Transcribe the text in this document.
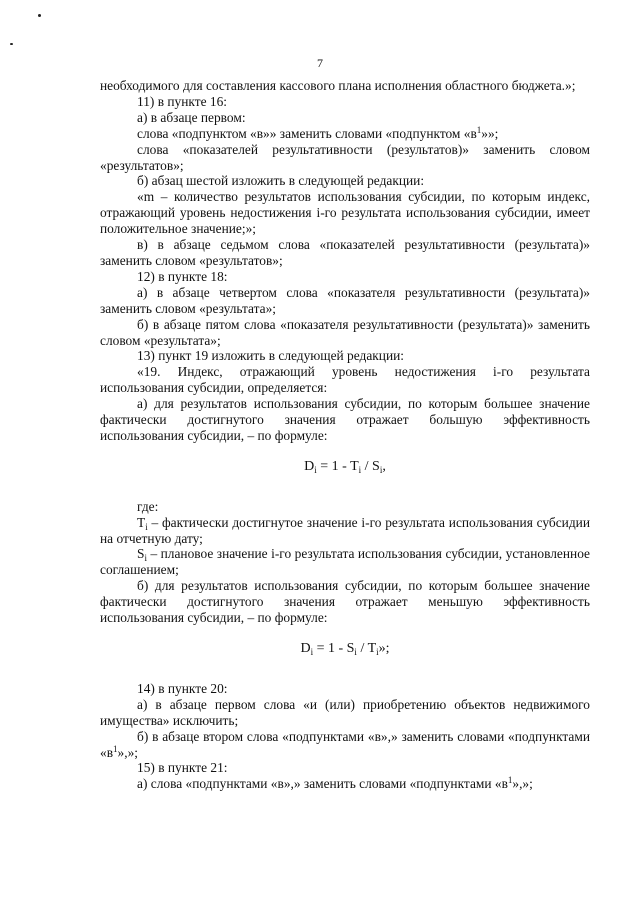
7

необходимого для составления кассового плана исполнения областного бюджета.»;

11) в пункте 16:

а) в абзаце первом:

слова «подпунктом «в»» заменить словами «подпунктом «$в^1$»»;

слова «показателей результативности (результатов)» заменить словом «результатов»;

б) абзац шестой изложить в следующей редакции:

«m – количество результатов использования субсидии, по которым индекс, отражающий уровень недостижения i-го результата использования субсидии, имеет положительное значение;»;

в) в абзаце седьмом слова «показателей результативности (результата)» заменить словом «результатов»;

12) в пункте 18:

а) в абзаце четвертом слова «показателя результативности (результата)» заменить словом «результата»;

б) в абзаце пятом слова «показателя результативности (результата)» заменить словом «результата»;

13) пункт 19 изложить в следующей редакции:

«19. Индекс, отражающий уровень недостижения i-го результата использования субсидии, определяется:

а) для результатов использования субсидии, по которым большее значение фактически достигнутого значения отражает большую эффективность использования субсидии, – по формуле:

$D_i = 1 - T_i / S_i$,

где:

$T_i$ – фактически достигнутое значение i-го результата использования субсидии на отчетную дату;

$S_i$ – плановое значение i-го результата использования субсидии, установленное соглашением;

б) для результатов использования субсидии, по которым большее значение фактически достигнутого значения отражает меньшую эффективность использования субсидии, – по формуле:

$D_i = 1 - S_i / T_i$»;

14) в пункте 20:

а) в абзаце первом слова «и (или) приобретению объектов недвижимого имущества» исключить;

б) в абзаце втором слова «подпунктами «в»,» заменить словами «подпунктами «$в^1$»,»;

15) в пункте 21:

а) слова «подпунктами «в»,» заменить словами «подпунктами «$в^1$»,»;
